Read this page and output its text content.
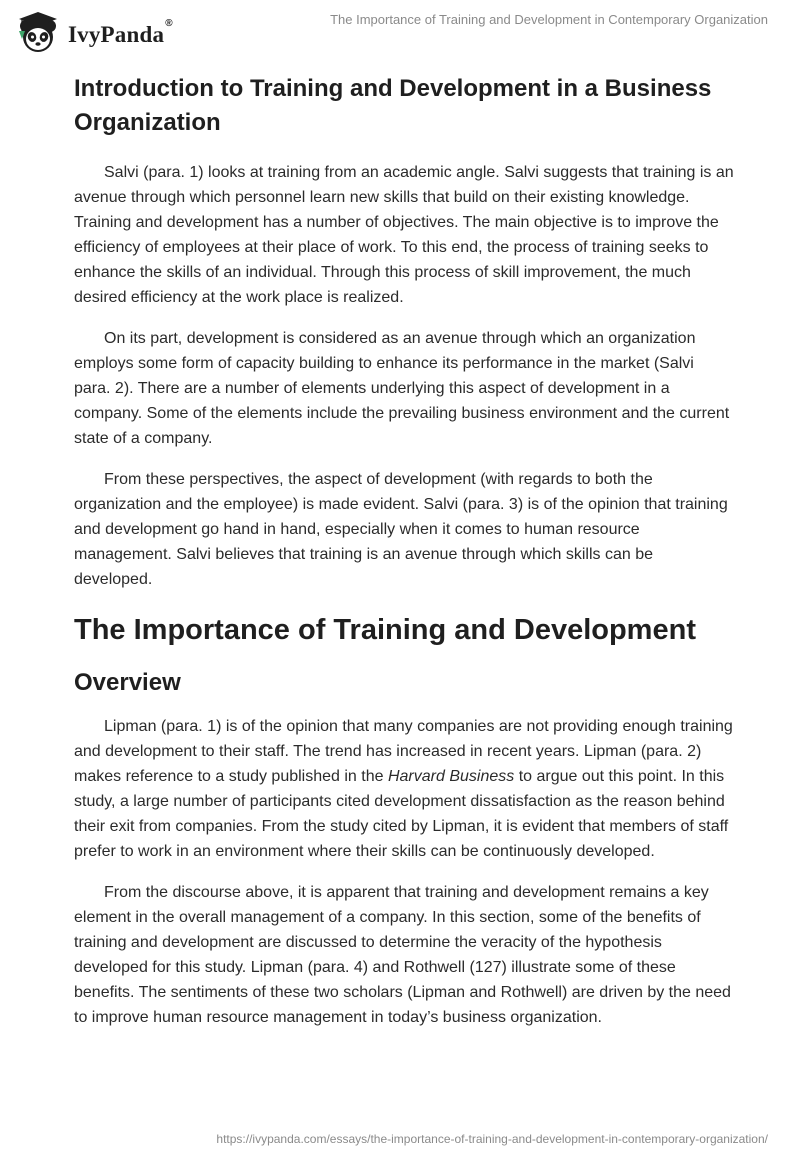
IvyPanda®	The Importance of Training and Development in Contemporary Organization
Introduction to Training and Development in a Business Organization

Salvi (para. 1) looks at training from an academic angle. Salvi suggests that training is an avenue through which personnel learn new skills that build on their existing knowledge. Training and development has a number of objectives. The main objective is to improve the efficiency of employees at their place of work. To this end, the process of training seeks to enhance the skills of an individual. Through this process of skill improvement, the much desired efficiency at the work place is realized.

On its part, development is considered as an avenue through which an organization employs some form of capacity building to enhance its performance in the market (Salvi para. 2). There are a number of elements underlying this aspect of development in a company. Some of the elements include the prevailing business environment and the current state of a company.

From these perspectives, the aspect of development (with regards to both the organization and the employee) is made evident. Salvi (para. 3) is of the opinion that training and development go hand in hand, especially when it comes to human resource management. Salvi believes that training is an avenue through which skills can be developed.

The Importance of Training and Development
Overview

Lipman (para. 1) is of the opinion that many companies are not providing enough training and development to their staff. The trend has increased in recent years. Lipman (para. 2) makes reference to a study published in the Harvard Business to argue out this point. In this study, a large number of participants cited development dissatisfaction as the reason behind their exit from companies. From the study cited by Lipman, it is evident that members of staff prefer to work in an environment where their skills can be continuously developed.

From the discourse above, it is apparent that training and development remains a key element in the overall management of a company. In this section, some of the benefits of training and development are discussed to determine the veracity of the hypothesis developed for this study. Lipman (para. 4) and Rothwell (127) illustrate some of these benefits. The sentiments of these two scholars (Lipman and Rothwell) are driven by the need to improve human resource management in today’s business organization.

https://ivypanda.com/essays/the-importance-of-training-and-development-in-contemporary-organization/
